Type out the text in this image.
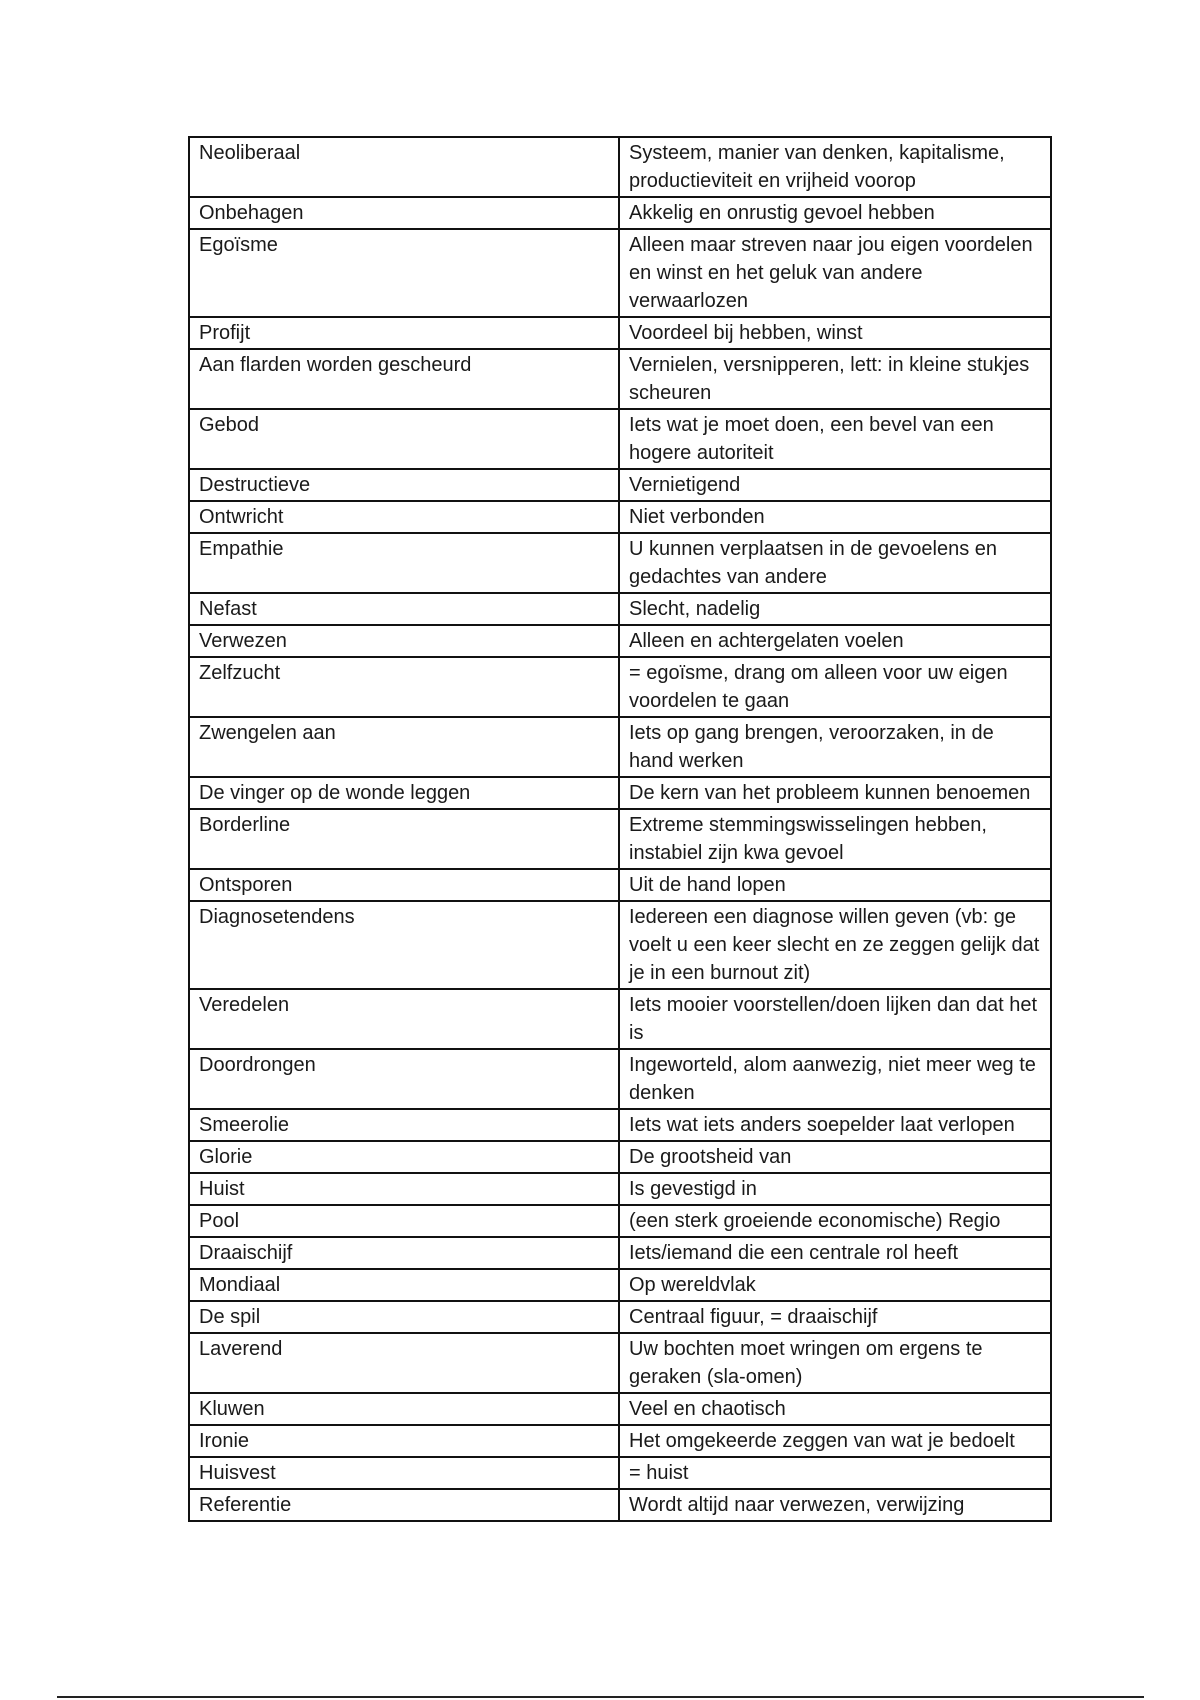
Neoliberaal	Systeem, manier van denken, kapitalisme, productieviteit en vrijheid voorop
Onbehagen	Akkelig en onrustig gevoel hebben
Egoïsme	Alleen maar streven naar jou eigen voordelen en winst en het geluk van andere verwaarlozen
Profijt	Voordeel bij hebben, winst
Aan flarden worden gescheurd	Vernielen, versnipperen, lett: in kleine stukjes scheuren
Gebod	Iets wat je moet doen, een bevel van een hogere autoriteit
Destructieve	Vernietigend
Ontwricht	Niet verbonden
Empathie	U kunnen verplaatsen in de gevoelens en gedachtes van andere
Nefast	Slecht, nadelig
Verwezen	Alleen en achtergelaten voelen
Zelfzucht	= egoïsme, drang om alleen voor uw eigen voordelen te gaan
Zwengelen aan	Iets op gang brengen, veroorzaken, in de hand werken
De vinger op de wonde leggen	De kern van het probleem kunnen benoemen
Borderline	Extreme stemmingswisselingen hebben, instabiel zijn kwa gevoel
Ontsporen	Uit de hand lopen
Diagnosetendens	Iedereen een diagnose willen geven (vb: ge voelt u een keer slecht en ze zeggen gelijk dat je in een burnout zit)
Veredelen	Iets mooier voorstellen/doen lijken dan dat het is
Doordrongen	Ingeworteld, alom aanwezig, niet meer weg te denken
Smeerolie	Iets wat iets anders soepelder laat verlopen
Glorie	De grootsheid van
Huist	Is gevestigd in
Pool	(een sterk groeiende economische) Regio
Draaischijf	Iets/iemand die een centrale rol heeft
Mondiaal	Op wereldvlak
De spil	Centraal figuur, = draaischijf
Laverend	Uw bochten moet wringen om ergens te geraken (sla-omen)
Kluwen	Veel en chaotisch
Ironie	Het omgekeerde zeggen van wat je bedoelt
Huisvest	= huist
Referentie	Wordt altijd naar verwezen, verwijzing
